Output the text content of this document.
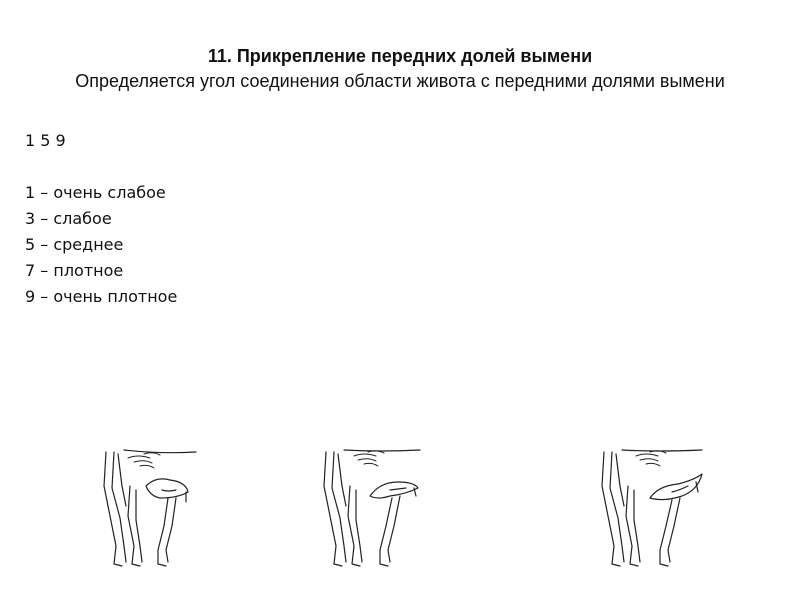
11. Прикрепление передних долей вымени
Определяется угол соединения области живота с передними долями вымени
1 5 9
1 – очень слабое
3 – слабое
5 – среднее
7 – плотное
9 – очень плотное
